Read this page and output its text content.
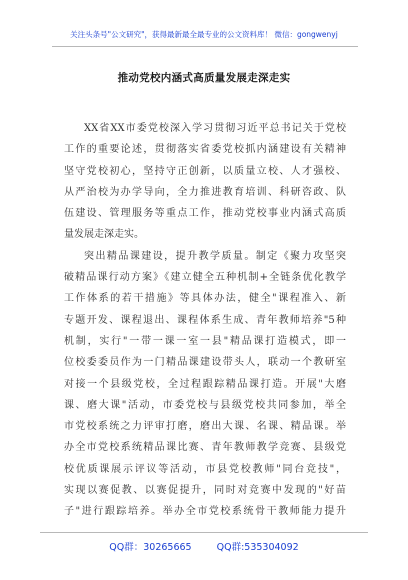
关注头条号"公文研究"，获得最新最全最专业的公文资料库！ 微信：gongwenyj
推动党校内涵式高质量发展走深走实
XX省XX市委党校深入学习贯彻习近平总书记关于党校
工作的重要论述，贯彻落实省委党校抓内涵建设有关精神
坚守党校初心，坚持守正创新，以质量立校、人才强校、
从严治校为办学导向，全力推进教育培训、科研咨政、队
伍建设、管理服务等重点工作，推动党校事业内涵式高质
量发展走深走实。
突出精品课建设，提升教学质量。制定《聚力攻坚突
破精品课行动方案》《建立健全五种机制+全链条优化教学
工作体系的若干措施》等具体办法，健全"课程准入、新
专题开发、课程退出、课程体系生成、青年教师培养"5种
机制，实行"一带一课一室一县"精品课打造模式，即一
位校委委员作为一门精品课建设带头人，联动一个教研室
对接一个县级党校，全过程跟踪精品课打造。开展"大磨
课、磨大课"活动，市委党校与县级党校共同参加，举全
市党校系统之力评审打磨，磨出大课、名课、精品课。举
办全市党校系统精品课比赛、青年教师教学竞赛、县级党
校优质课展示评议等活动，市县党校教师"同台竞技"，
实现以赛促教、以赛促提升，同时对竞赛中发现的"好苗
子"进行跟踪培养。举办全市党校系统骨干教师能力提升
QQ群：30265665	QQ群:535304092
